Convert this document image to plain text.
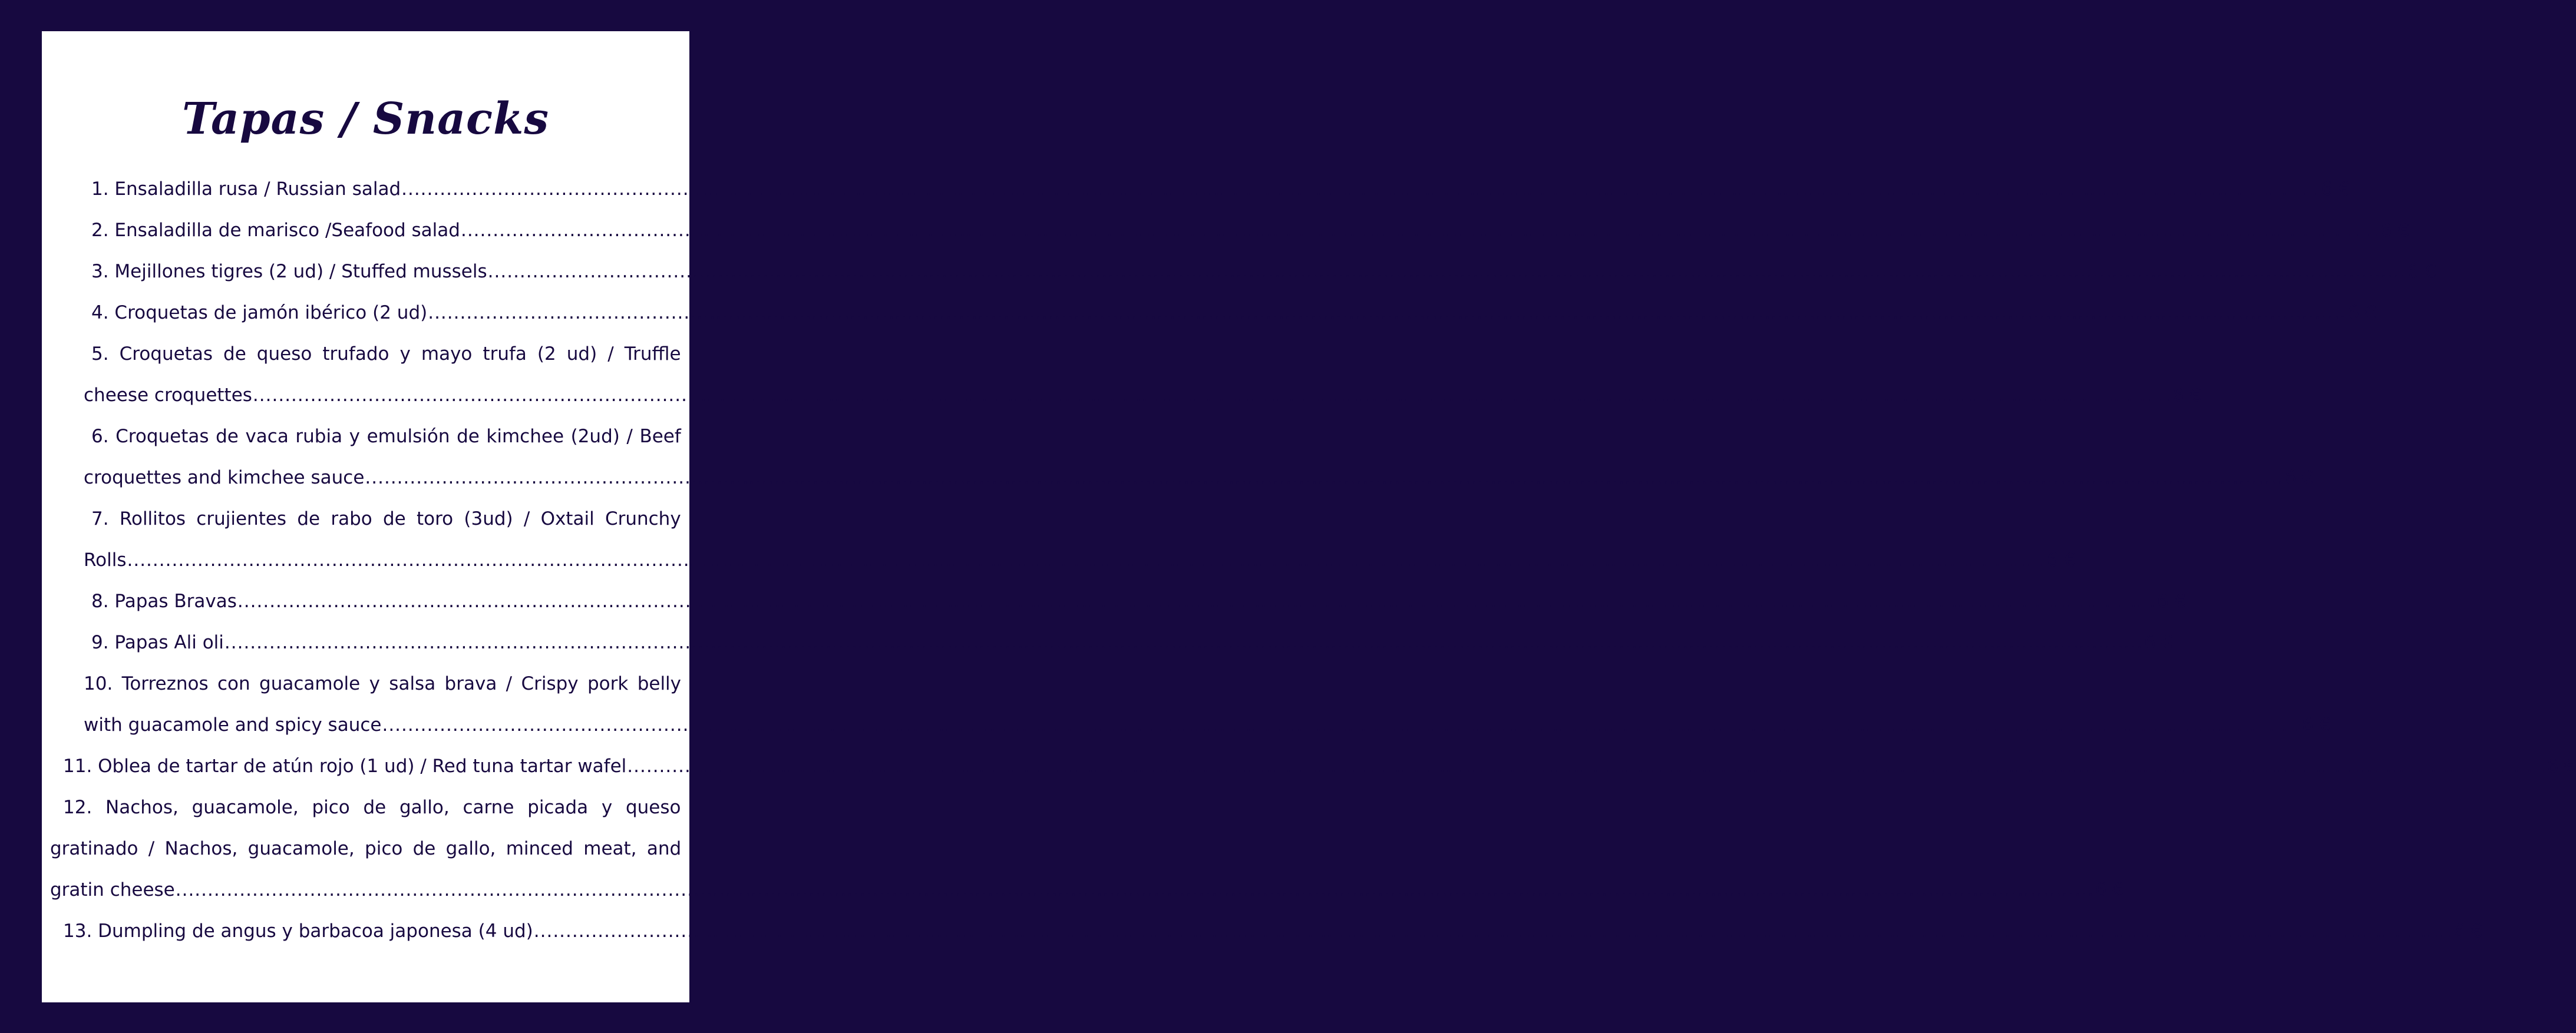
Tapas / Snacks
1. Ensaladilla rusa / Russian salad ............................................................................................................................................................................................................................................................................................................ 6 €
2. Ensaladilla de marisco /Seafood salad ............................................................................................................................................................................................................................................................................................................ 6 €
3. Mejillones tigres (2 ud) / Stuffed mussels ............................................................................................................................................................................................................................................................................................................ 6 €
4. Croquetas de jamón ibérico (2 ud) ............................................................................................................................................................................................................................................................................................................ 6 €
5. Croquetas de queso trufado y mayo trufa (2 ud) / Truffle
cheese croquettes ............................................................................................................................................................................................................................................................................................................ 6 €
6. Croquetas de vaca rubia y emulsión de kimchee (2ud) / Beef
croquettes and kimchee sauce ............................................................................................................................................................................................................................................................................................................ 6 €
7. Rollitos crujientes de rabo de toro (3ud) / Oxtail Crunchy
Rolls ............................................................................................................................................................................................................................................................................................................ 6 €
8. Papas Bravas ............................................................................................................................................................................................................................................................................................................ 6 €
9. Papas Ali oli ............................................................................................................................................................................................................................................................................................................ 6 €
10. Torreznos con guacamole y salsa brava / Crispy pork belly
with guacamole and spicy sauce ............................................................................................................................................................................................................................................................................................................ 6 €
11. Oblea de tartar de atún rojo (1 ud) / Red tuna tartar wafel ............................................................................................................................................................................................................................................................................................................ 6 €
12. Nachos, guacamole, pico de gallo, carne picada y queso
gratinado / Nachos, guacamole, pico de gallo, minced meat, and
gratin cheese ............................................................................................................................................................................................................................................................................................................ 6 €
13. Dumpling de angus y barbacoa japonesa (4 ud) ............................................................................................................................................................................................................................................................................................................ 6 €
